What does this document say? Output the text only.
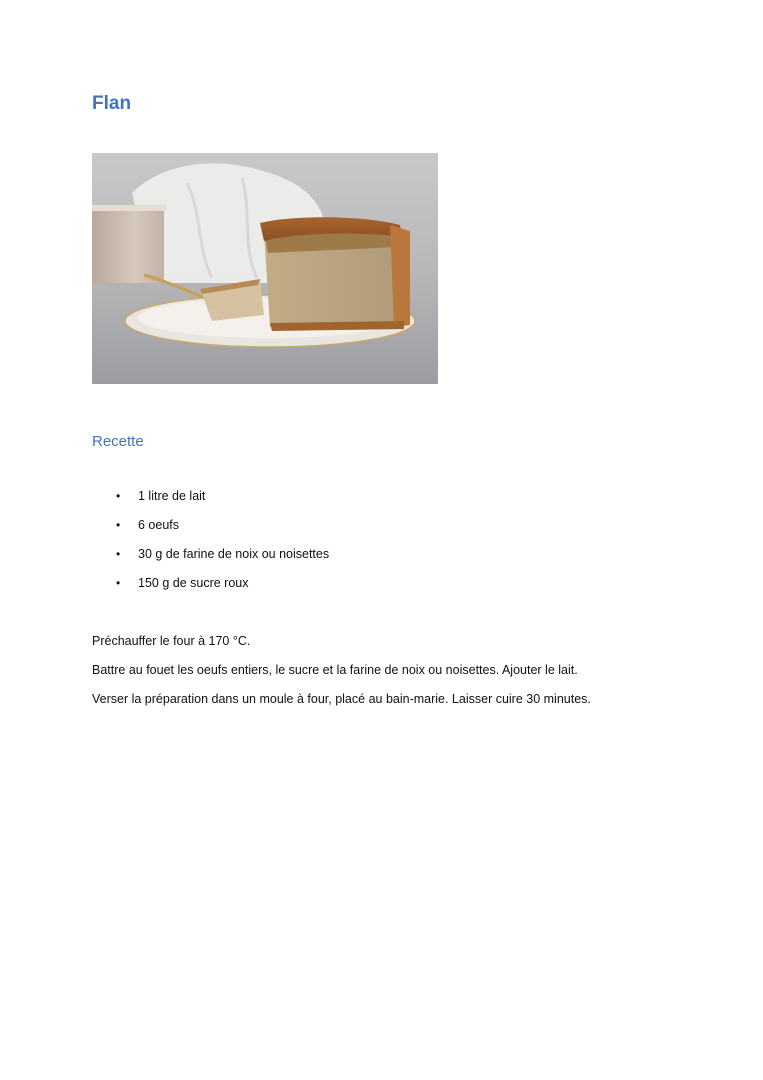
Flan
Recette
• 1 litre de lait
• 6 oeufs
• 30 g de farine de noix ou noisettes
• 150 g de sucre roux

Préchauffer le four à 170 °C.

Battre au fouet les oeufs entiers, le sucre et la farine de noix ou noisettes. Ajouter le lait.

Verser la préparation dans un moule à four, placé au bain-marie. Laisser cuire 30 minutes.
